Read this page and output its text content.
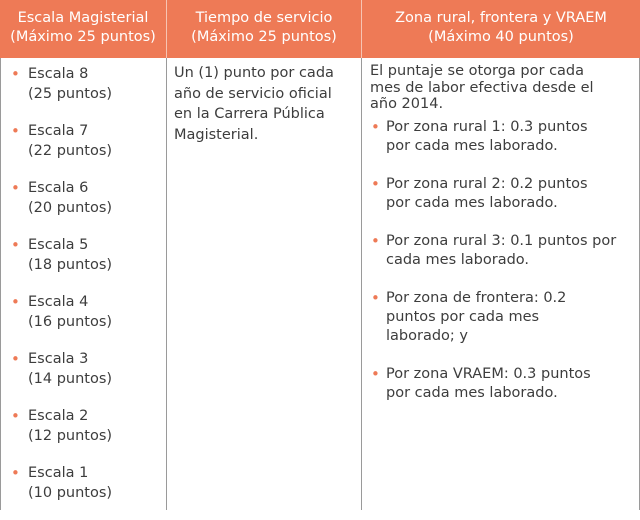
Escala Magisterial
(Máximo 25 puntos)
Tiempo de servicio
(Máximo 25 puntos)
Zona rural, frontera y VRAEM
(Máximo 40 puntos)
• Escala 8
(25 puntos)
• Escala 7
(22 puntos)
• Escala 6
(20 puntos)
• Escala 5
(18 puntos)
• Escala 4
(16 puntos)
• Escala 3
(14 puntos)
• Escala 2
(12 puntos)
• Escala 1
(10 puntos)
Un (1) punto por cada
año de servicio oficial
en la Carrera Pública
Magisterial.
El puntaje se otorga por cada
mes de labor efectiva desde el
año 2014.
• Por zona rural 1: 0.3 puntos
por cada mes laborado.
• Por zona rural 2: 0.2 puntos
por cada mes laborado.
• Por zona rural 3: 0.1 puntos por
cada mes laborado.
• Por zona de frontera: 0.2
puntos por cada mes
laborado; y
• Por zona VRAEM: 0.3 puntos
por cada mes laborado.
